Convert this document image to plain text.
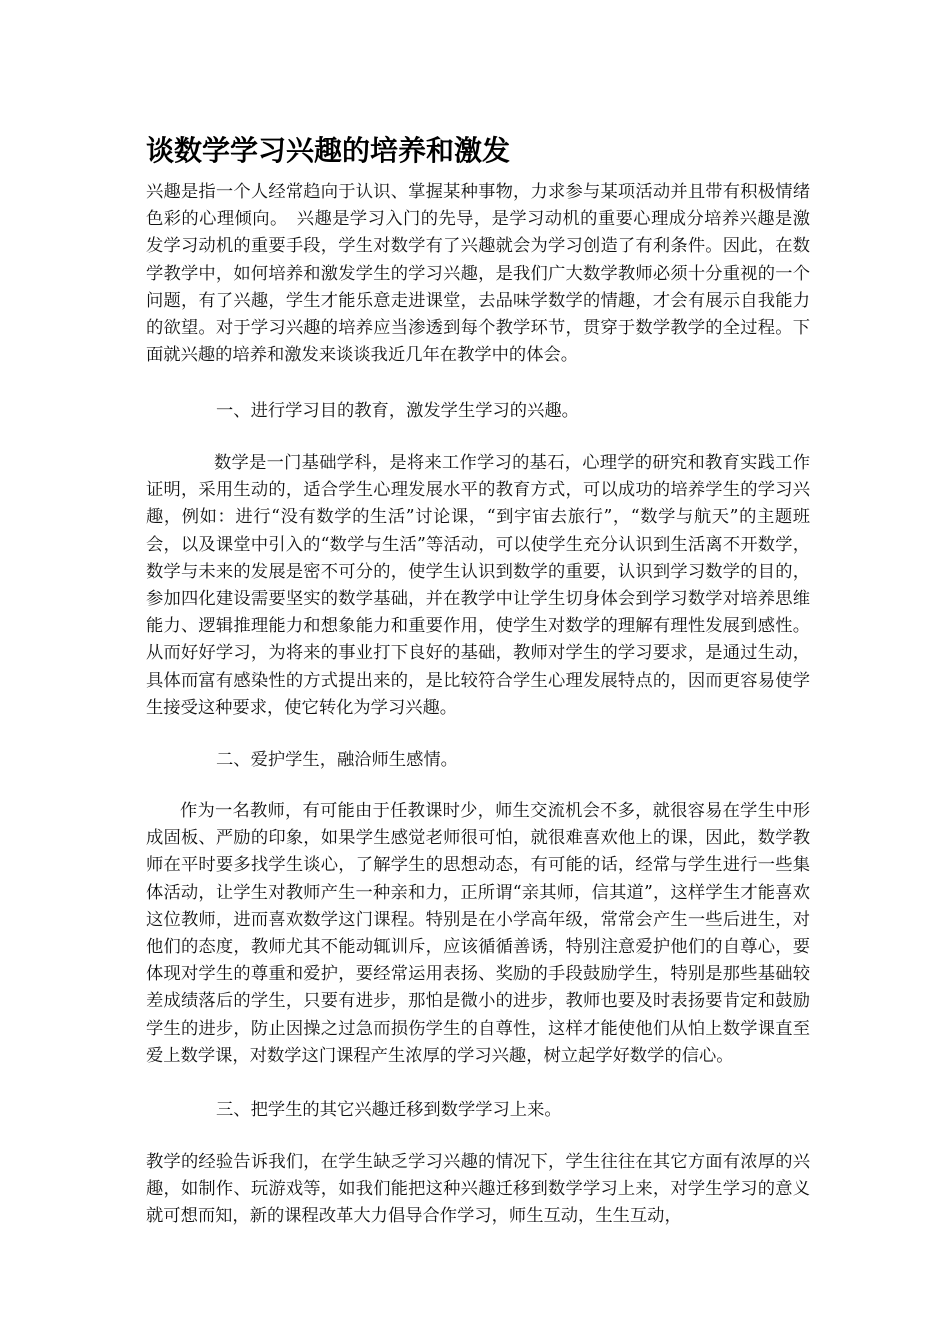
谈数学学习兴趣的培养和激发

兴趣是指一个人经常趋向于认识、掌握某种事物，力求参与某项活动并且带有积极情绪色彩的心理倾向。　兴趣是学习入门的先导，是学习动机的重要心理成分培养兴趣是激发学习动机的重要手段，学生对数学有了兴趣就会为学习创造了有利条件。因此，在数学教学中，如何培养和激发学生的学习兴趣，是我们广大数学教师必须十分重视的一个问题，有了兴趣，学生才能乐意走进课堂，去品味学数学的情趣，才会有展示自我能力的欲望。对于学习兴趣的培养应当渗透到每个教学环节，贯穿于数学教学的全过程。下面就兴趣的培养和激发来谈谈我近几年在教学中的体会。

一、进行学习目的教育，激发学生学习的兴趣。

数学是一门基础学科，是将来工作学习的基石，心理学的研究和教育实践工作证明，采用生动的，适合学生心理发展水平的教育方式，可以成功的培养学生的学习兴趣，例如：进行“没有数学的生活”讨论课，“到宇宙去旅行”，“数学与航天”的主题班会，以及课堂中引入的“数学与生活”等活动，可以使学生充分认识到生活离不开数学，数学与未来的发展是密不可分的，使学生认识到数学的重要，认识到学习数学的目的，参加四化建设需要坚实的数学基础，并在教学中让学生切身体会到学习数学对培养思维能力、逻辑推理能力和想象能力和重要作用，使学生对数学的理解有理性发展到感性。从而好好学习，为将来的事业打下良好的基础，教师对学生的学习要求，是通过生动，具体而富有感染性的方式提出来的，是比较符合学生心理发展特点的，因而更容易使学生接受这种要求，使它转化为学习兴趣。

二、爱护学生，融洽师生感情。

作为一名教师，有可能由于任教课时少，师生交流机会不多，就很容易在学生中形成固板、严励的印象，如果学生感觉老师很可怕，就很难喜欢他上的课，因此，数学教师在平时要多找学生谈心，了解学生的思想动态，有可能的话，经常与学生进行一些集体活动，让学生对教师产生一种亲和力，正所谓“亲其师，信其道”，这样学生才能喜欢这位教师，进而喜欢数学这门课程。特别是在小学高年级，常常会产生一些后进生，对他们的态度，教师尤其不能动辄训斥，应该循循善诱，特别注意爱护他们的自尊心，要体现对学生的尊重和爱护，要经常运用表扬、奖励的手段鼓励学生，特别是那些基础较差成绩落后的学生，只要有进步，那怕是微小的进步，教师也要及时表扬要肯定和鼓励学生的进步，防止因操之过急而损伤学生的自尊性，这样才能使他们从怕上数学课直至爱上数学课，对数学这门课程产生浓厚的学习兴趣，树立起学好数学的信心。

三、把学生的其它兴趣迁移到数学学习上来。

教学的经验告诉我们，在学生缺乏学习兴趣的情况下，学生往往在其它方面有浓厚的兴趣，如制作、玩游戏等，如我们能把这种兴趣迁移到数学学习上来，对学生学习的意义就可想而知，新的课程改革大力倡导合作学习，师生互动，生生互动，
